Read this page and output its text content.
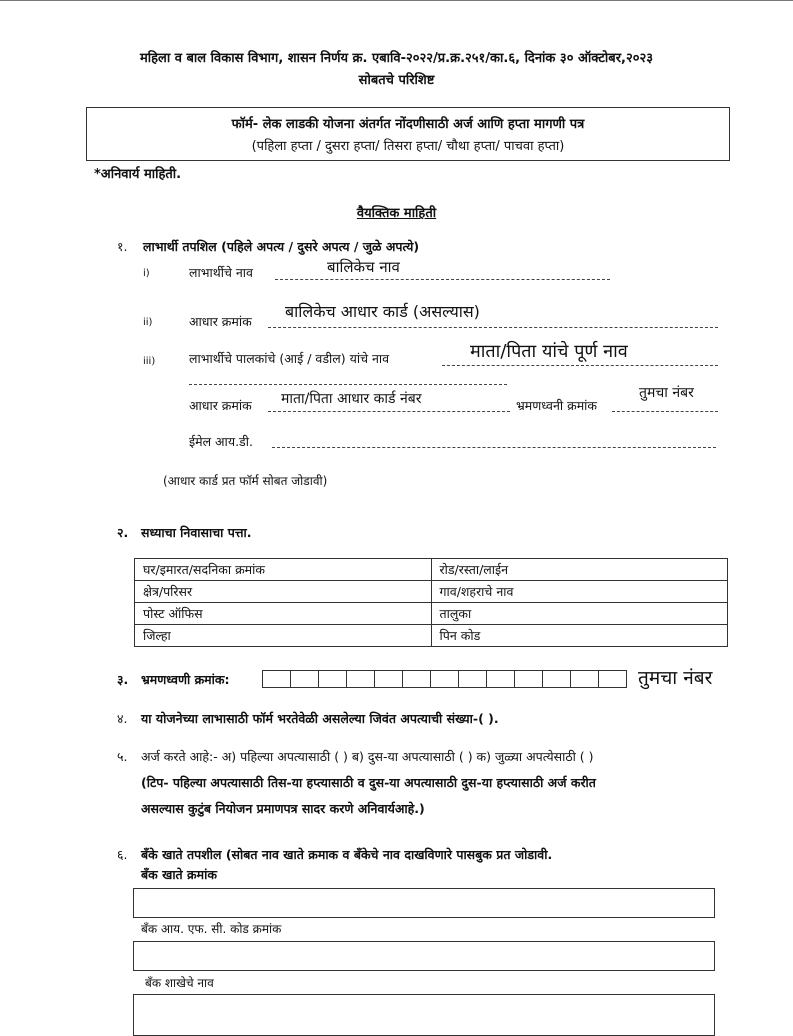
महिला व बाल विकास विभाग, शासन निर्णय क्र. एबावि-२०२२/प्र.क्र.२५१/का.६, दिनांक ३० ऑक्टोबर,२०२३
सोबतचे परिशिष्ट
फॉर्म- लेक लाडकी योजना अंतर्गत नोंदणीसाठी अर्ज आणि हप्ता मागणी पत्र
(पहिला हप्ता / दुसरा हप्ता/ तिसरा हप्ता/ चौथा हप्ता/ पाचवा हप्ता)
*अनिवार्य माहिती.
वैयक्तिक माहिती
१. लाभार्थी तपशिल (पहिले अपत्य / दुसरे अपत्य / जुळे अपत्ये)
i)	लाभार्थीचे नाव	बालिकेच नाव
ii)	आधार क्रमांक
बालिकेच आधार कार्ड (असल्यास)
iii)	लाभार्थीचे पालकांचे (आई / वडील) यांचे नाव	माता/पिता यांचे पूर्ण नाव
आधार क्रमांक माता/पिता आधार कार्ड नंबर	भ्रमणध्वनी क्रमांक
तुमचा नंबर
ईमेल आय.डी.
(आधार कार्ड प्रत फॉर्म सोबत जोडावी)
२. सध्याचा निवासाचा पत्ता.
घर/इमारत/सदनिका क्रमांक	रोड/रस्ता/लाईन
क्षेत्र/परिसर	गाव/शहराचे नाव
पोस्ट ऑफिस	तालुका
जिल्हा	पिन कोड
३. भ्रमणध्वणी क्रमांक:	तुमचा नंबर
४. या योजनेच्या लाभासाठी फॉर्म भरतेवेळी असलेल्या जिवंत अपत्याची संख्या-( ).
५. अर्ज करते आहे:- अ) पहिल्या अपत्यासाठी ( ) ब) दुस-या अपत्यासाठी ( ) क) जुळ्या अपत्येसाठी ( )
(टिप- पहिल्या अपत्यासाठी तिस-या हप्त्यासाठी व दुस-या अपत्यासाठी दुस-या हप्त्यासाठी अर्ज करीत
असल्यास कुटुंब नियोजन प्रमाणपत्र सादर करणे अनिवार्यआहे.)
६. बँके खाते तपशील (सोबत नाव खाते क्रमाक व बँकेचे नाव दाखविणारे पासबुक प्रत जोडावी.
बँक खाते क्रमांक
बँक आय. एफ. सी. कोड क्रमांक
बँक शाखेचे नाव
